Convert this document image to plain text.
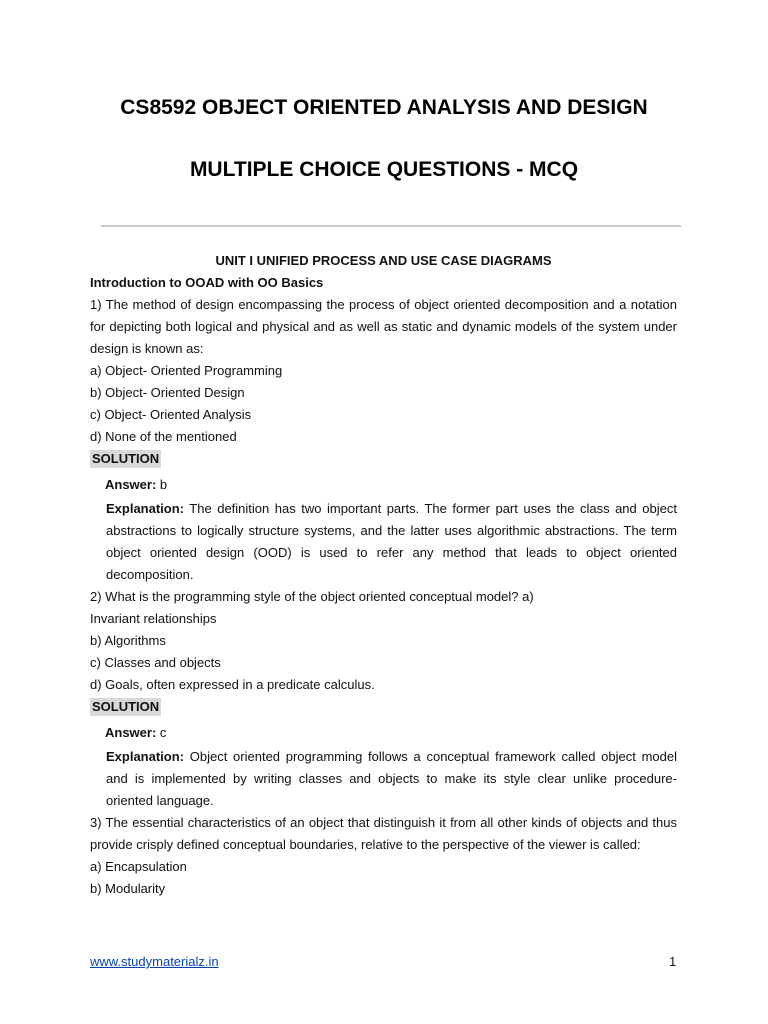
CS8592 OBJECT ORIENTED ANALYSIS AND DESIGN
MULTIPLE CHOICE QUESTIONS - MCQ

UNIT I UNIFIED PROCESS AND USE CASE DIAGRAMS

Introduction to OOAD with OO Basics

1) The method of design encompassing the process of object oriented decomposition and a notation for depicting both logical and physical and as well as static and dynamic models of the system under design is known as:

a) Object- Oriented Programming

b) Object- Oriented Design

c) Object- Oriented Analysis

d) None of the mentioned

SOLUTION

Answer: b

Explanation: The definition has two important parts. The former part uses the class and object abstractions to logically structure systems, and the latter uses algorithmic abstractions. The term object oriented design (OOD) is used to refer any method that leads to object oriented decomposition.

2) What is the programming style of the object oriented conceptual model? a)

Invariant relationships

b) Algorithms

c) Classes and objects

d) Goals, often expressed in a predicate calculus.

SOLUTION

Answer: c

Explanation: Object oriented programming follows a conceptual framework called object model and is implemented by writing classes and objects to make its style clear unlike procedure- oriented language.

3) The essential characteristics of an object that distinguish it from all other kinds of objects and thus provide crisply defined conceptual boundaries, relative to the perspective of the viewer is called:

a) Encapsulation

b) Modularity

www.studymaterialz.in	1
